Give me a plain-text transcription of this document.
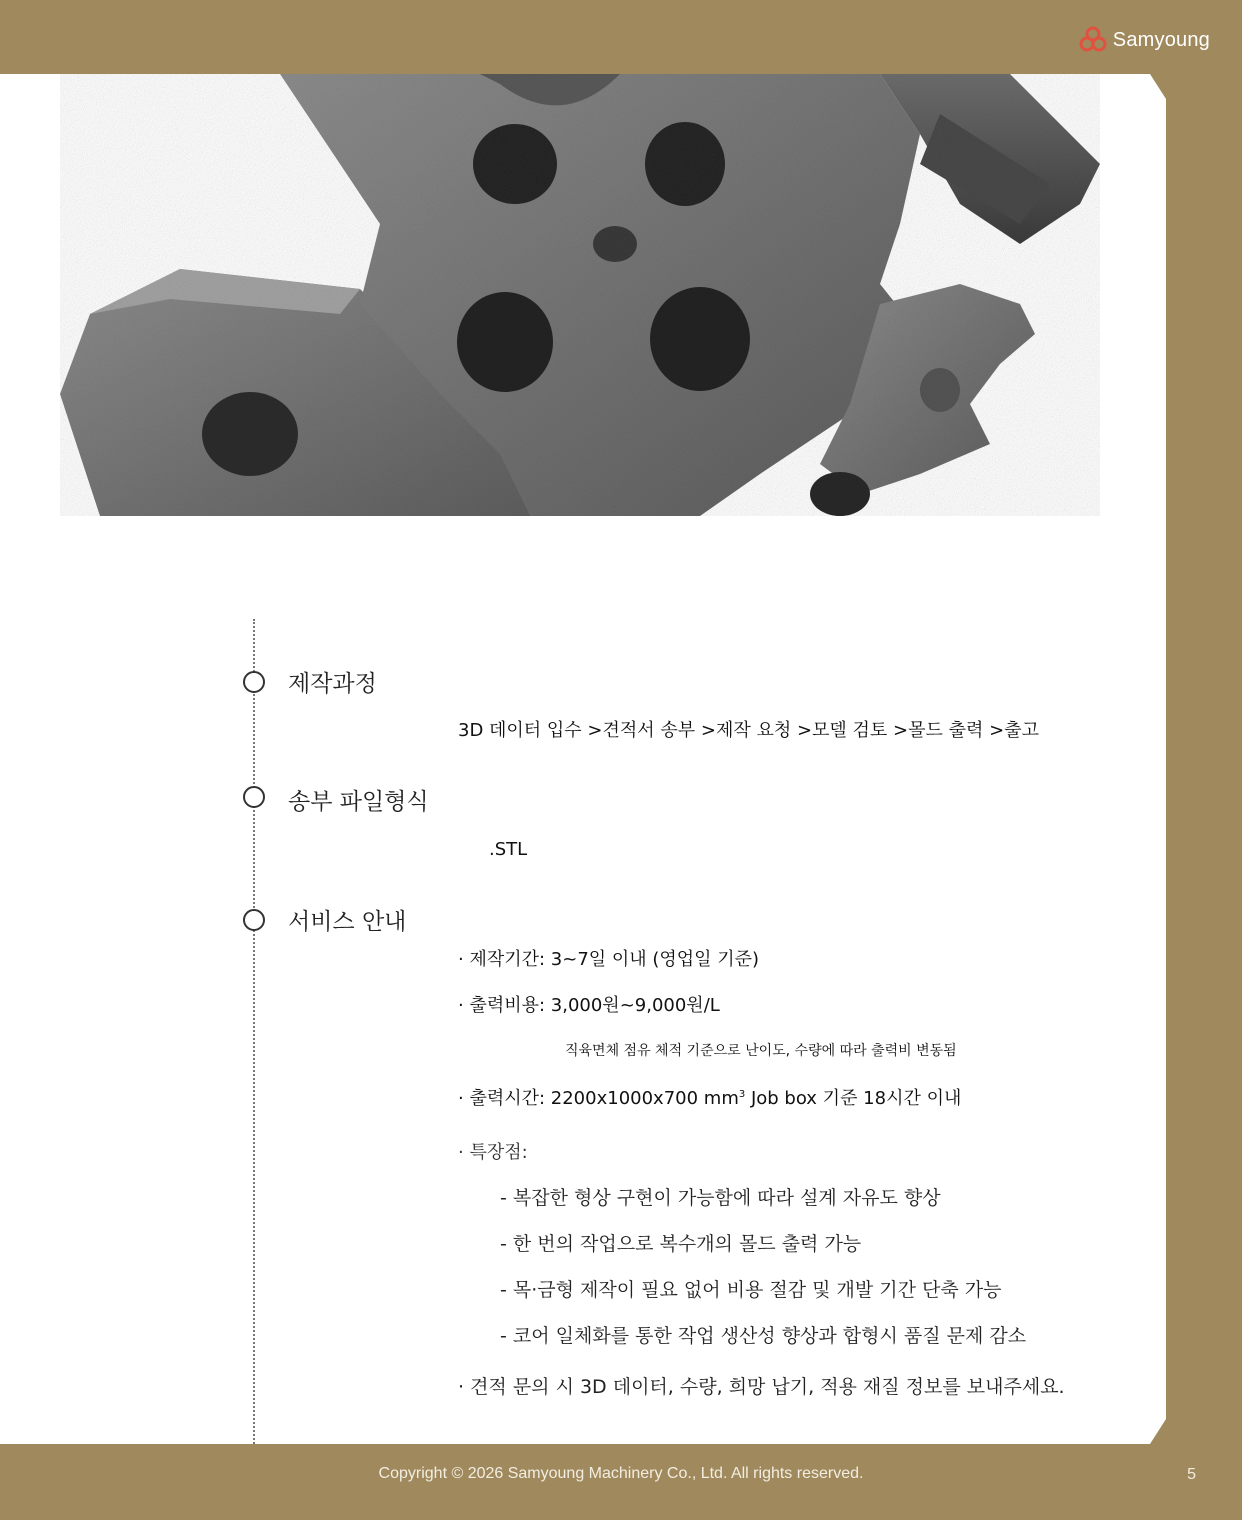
Samyoung
제작과정
3D 데이터 입수 >견적서 송부 >제작 요청 >모델 검토 >몰드 출력 >출고
송부 파일형식
.STL
서비스 안내
· 제작기간: 3~7일 이내 (영업일 기준)
· 출력비용: 3,000원~9,000원/L
직육면체 점유 체적 기준으로 난이도, 수량에 따라 출력비 변동됨
· 출력시간: 2200x1000x700 $mm^3$ Job box 기준 18시간 이내
· 특장점:
- 복잡한 형상 구현이 가능함에 따라 설계 자유도 향상
- 한 번의 작업으로 복수개의 몰드 출력 가능
- 목·금형 제작이 필요 없어 비용 절감 및 개발 기간 단축 가능
- 코어 일체화를 통한 작업 생산성 향상과 합형시 품질 문제 감소
· 견적 문의 시 3D 데이터, 수량, 희망 납기, 적용 재질 정보를 보내주세요.
Copyright © 2026 Samyoung Machinery Co., Ltd. All rights reserved.	5
